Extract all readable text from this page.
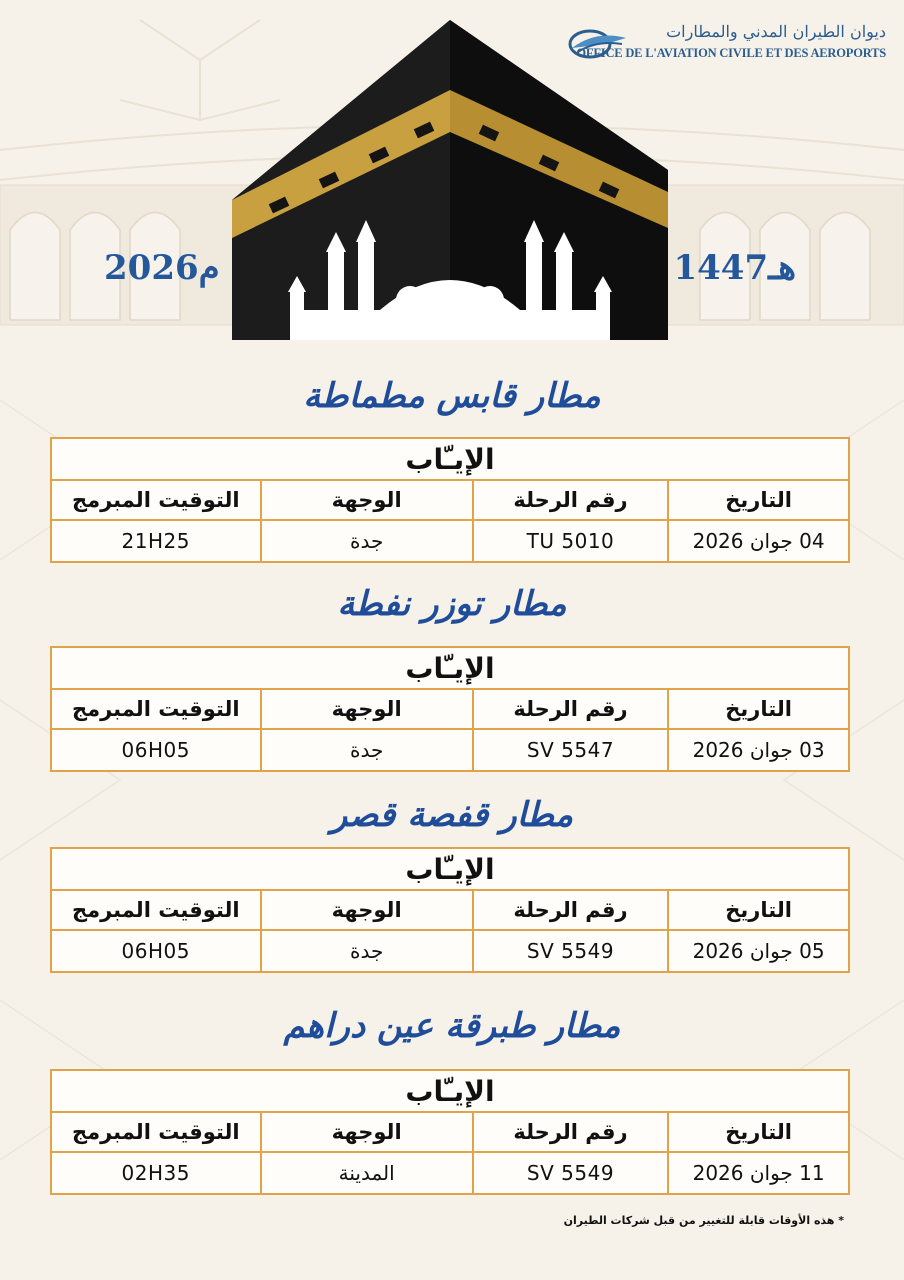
ديوان الطيران المدني والمطارات
OFFICE DE L'AVIATION CIVILE ET DES AEROPORTS
2026م	1447هـ
مطار قابس مطماطة
الإيـّاب			
التاريخ	رقم الرحلة	الوجهة	التوقيت المبرمج
04 جوان 2026	TU 5010	جدة	21H25
مطار توزر نفطة
الإيـّاب			
التاريخ	رقم الرحلة	الوجهة	التوقيت المبرمج
03 جوان 2026	SV 5547	جدة	06H05
مطار قفصة قصر
الإيـّاب			
التاريخ	رقم الرحلة	الوجهة	التوقيت المبرمج
05 جوان 2026	SV 5549	جدة	06H05
مطار طبرقة عين دراهم
الإيـّاب			
التاريخ	رقم الرحلة	الوجهة	التوقيت المبرمج
11 جوان 2026	SV 5549	المدينة	02H35
* هذه الأوقات قابلة للتغيير من قبل شركات الطيران
